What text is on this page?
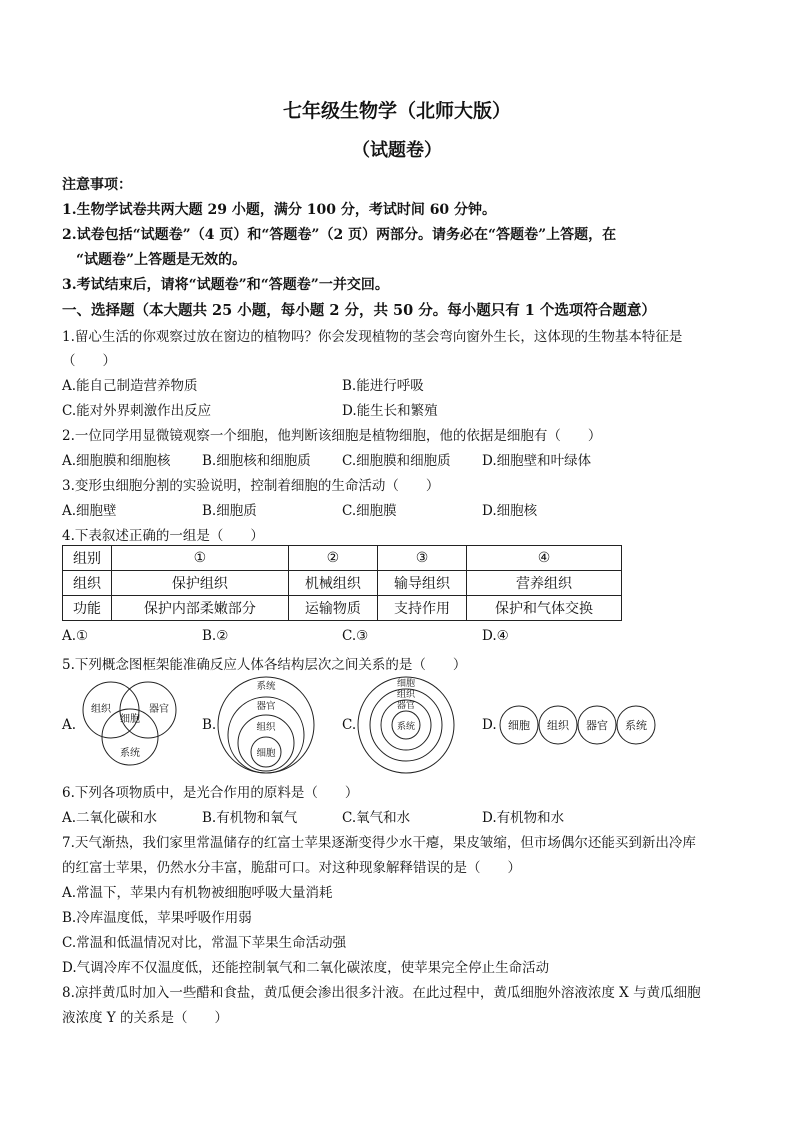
七年级生物学（北师大版）
（试题卷）
注意事项：
1.生物学试卷共两大题 29 小题，满分 100 分，考试时间 60 分钟。
2.试卷包括“试题卷”（4 页）和“答题卷”（2 页）两部分。请务必在“答题卷”上答题，在
“试题卷”上答题是无效的。
3.考试结束后，请将“试题卷”和“答题卷”一并交回。
一、选择题（本大题共 25 小题，每小题 2 分，共 50 分。每小题只有 1 个选项符合题意）
1.留心生活的你观察过放在窗边的植物吗？你会发现植物的茎会弯向窗外生长，这体现的生物基本特征是
（　　）
A.能自己制造营养物质	B.能进行呼吸
C.能对外界刺激作出反应	D.能生长和繁殖
2.一位同学用显微镜观察一个细胞，他判断该细胞是植物细胞，他的依据是细胞有（　　）
A.细胞膜和细胞核 B.细胞核和细胞质 C.细胞膜和细胞质 D.细胞壁和叶绿体
3.变形虫细胞分割的实验说明，控制着细胞的生命活动（　　）
A.细胞壁	B.细胞质	C.细胞膜	D.细胞核
4.下表叙述正确的一组是（　　）
组别	①	②	③	④
组织	保护组织	机械组织	输导组织	营养组织
功能	保护内部柔嫩部分	运输物质	支持作用	保护和气体交换
A.①	B.②	C.③	D.④
5.下列概念图框架能准确反应人体各结构层次之间关系的是（　　）
A.
组织	器官
细胞
系统
B.
系统
器官
组织
细胞
C.
细胞
组织
器官
系统	D. 细胞 组织 器官 系统
6.下列各项物质中，是光合作用的原料是（　　）
A.二氧化碳和水	B.有机物和氧气	C.氧气和水	D.有机物和水
7.天气渐热，我们家里常温储存的红富士苹果逐渐变得少水干瘪，果皮皱缩，但市场偶尔还能买到新出冷库
的红富士苹果，仍然水分丰富，脆甜可口。对这种现象解释错误的是（　　）
A.常温下，苹果内有机物被细胞呼吸大量消耗
B.冷库温度低，苹果呼吸作用弱
C.常温和低温情况对比，常温下苹果生命活动强
D.气调冷库不仅温度低，还能控制氧气和二氧化碳浓度，使苹果完全停止生命活动
8.凉拌黄瓜时加入一些醋和食盐，黄瓜便会渗出很多汁液。在此过程中，黄瓜细胞外溶液浓度 X 与黄瓜细胞
液浓度 Y 的关系是（　　）
